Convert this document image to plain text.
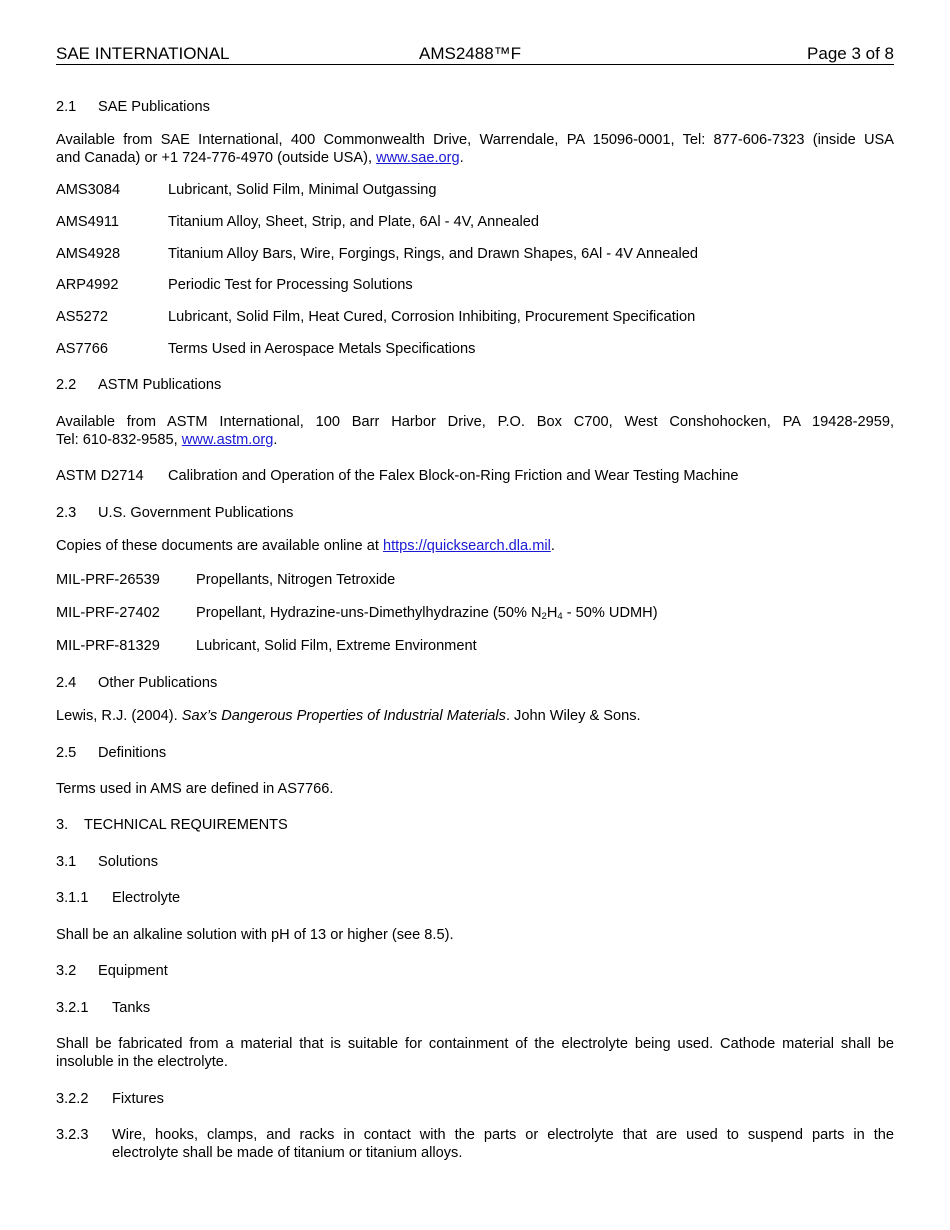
SAE INTERNATIONAL	AMS2488™F	Page 3 of 8
2.1 SAE Publications
Available from SAE International, 400 Commonwealth Drive, Warrendale, PA 15096-0001, Tel: 877-606-7323 (inside USA
and Canada) or +1 724-776-4970 (outside USA), www.sae.org.
AMS3084	Lubricant, Solid Film, Minimal Outgassing
AMS4911	Titanium Alloy, Sheet, Strip, and Plate, 6Al - 4V, Annealed
AMS4928	Titanium Alloy Bars, Wire, Forgings, Rings, and Drawn Shapes, 6Al - 4V Annealed
ARP4992	Periodic Test for Processing Solutions
AS5272	Lubricant, Solid Film, Heat Cured, Corrosion Inhibiting, Procurement Specification
AS7766	Terms Used in Aerospace Metals Specifications
2.2 ASTM Publications
Available from ASTM International, 100 Barr Harbor Drive, P.O. Box C700, West Conshohocken, PA 19428-2959,
Tel: 610-832-9585, www.astm.org.
ASTM D2714 Calibration and Operation of the Falex Block-on-Ring Friction and Wear Testing Machine
2.3 U.S. Government Publications
Copies of these documents are available online at https://quicksearch.dla.mil.
MIL-PRF-26539 Propellants, Nitrogen Tetroxide
MIL-PRF-27402 Propellant, Hydrazine-uns-Dimethylhydrazine (50% $N_2H_4 - 50\%$ UDMH)
MIL-PRF-81329 Lubricant, Solid Film, Extreme Environment
2.4 Other Publications
Lewis, R.J. (2004). Sax’s Dangerous Properties of Industrial Materials. John Wiley & Sons.
2.5 Definitions
Terms used in AMS are defined in AS7766.
3. TECHNICAL REQUIREMENTS
3.1 Solutions
3.1.1 Electrolyte
Shall be an alkaline solution with pH of 13 or higher (see 8.5).
3.2 Equipment
3.2.1 Tanks
Shall be fabricated from a material that is suitable for containment of the electrolyte being used. Cathode material shall be
insoluble in the electrolyte.
3.2.2 Fixtures
3.2.3 Wire, hooks, clamps, and racks in contact with the parts or electrolyte that are used to suspend parts in the
electrolyte shall be made of titanium or titanium alloys.
